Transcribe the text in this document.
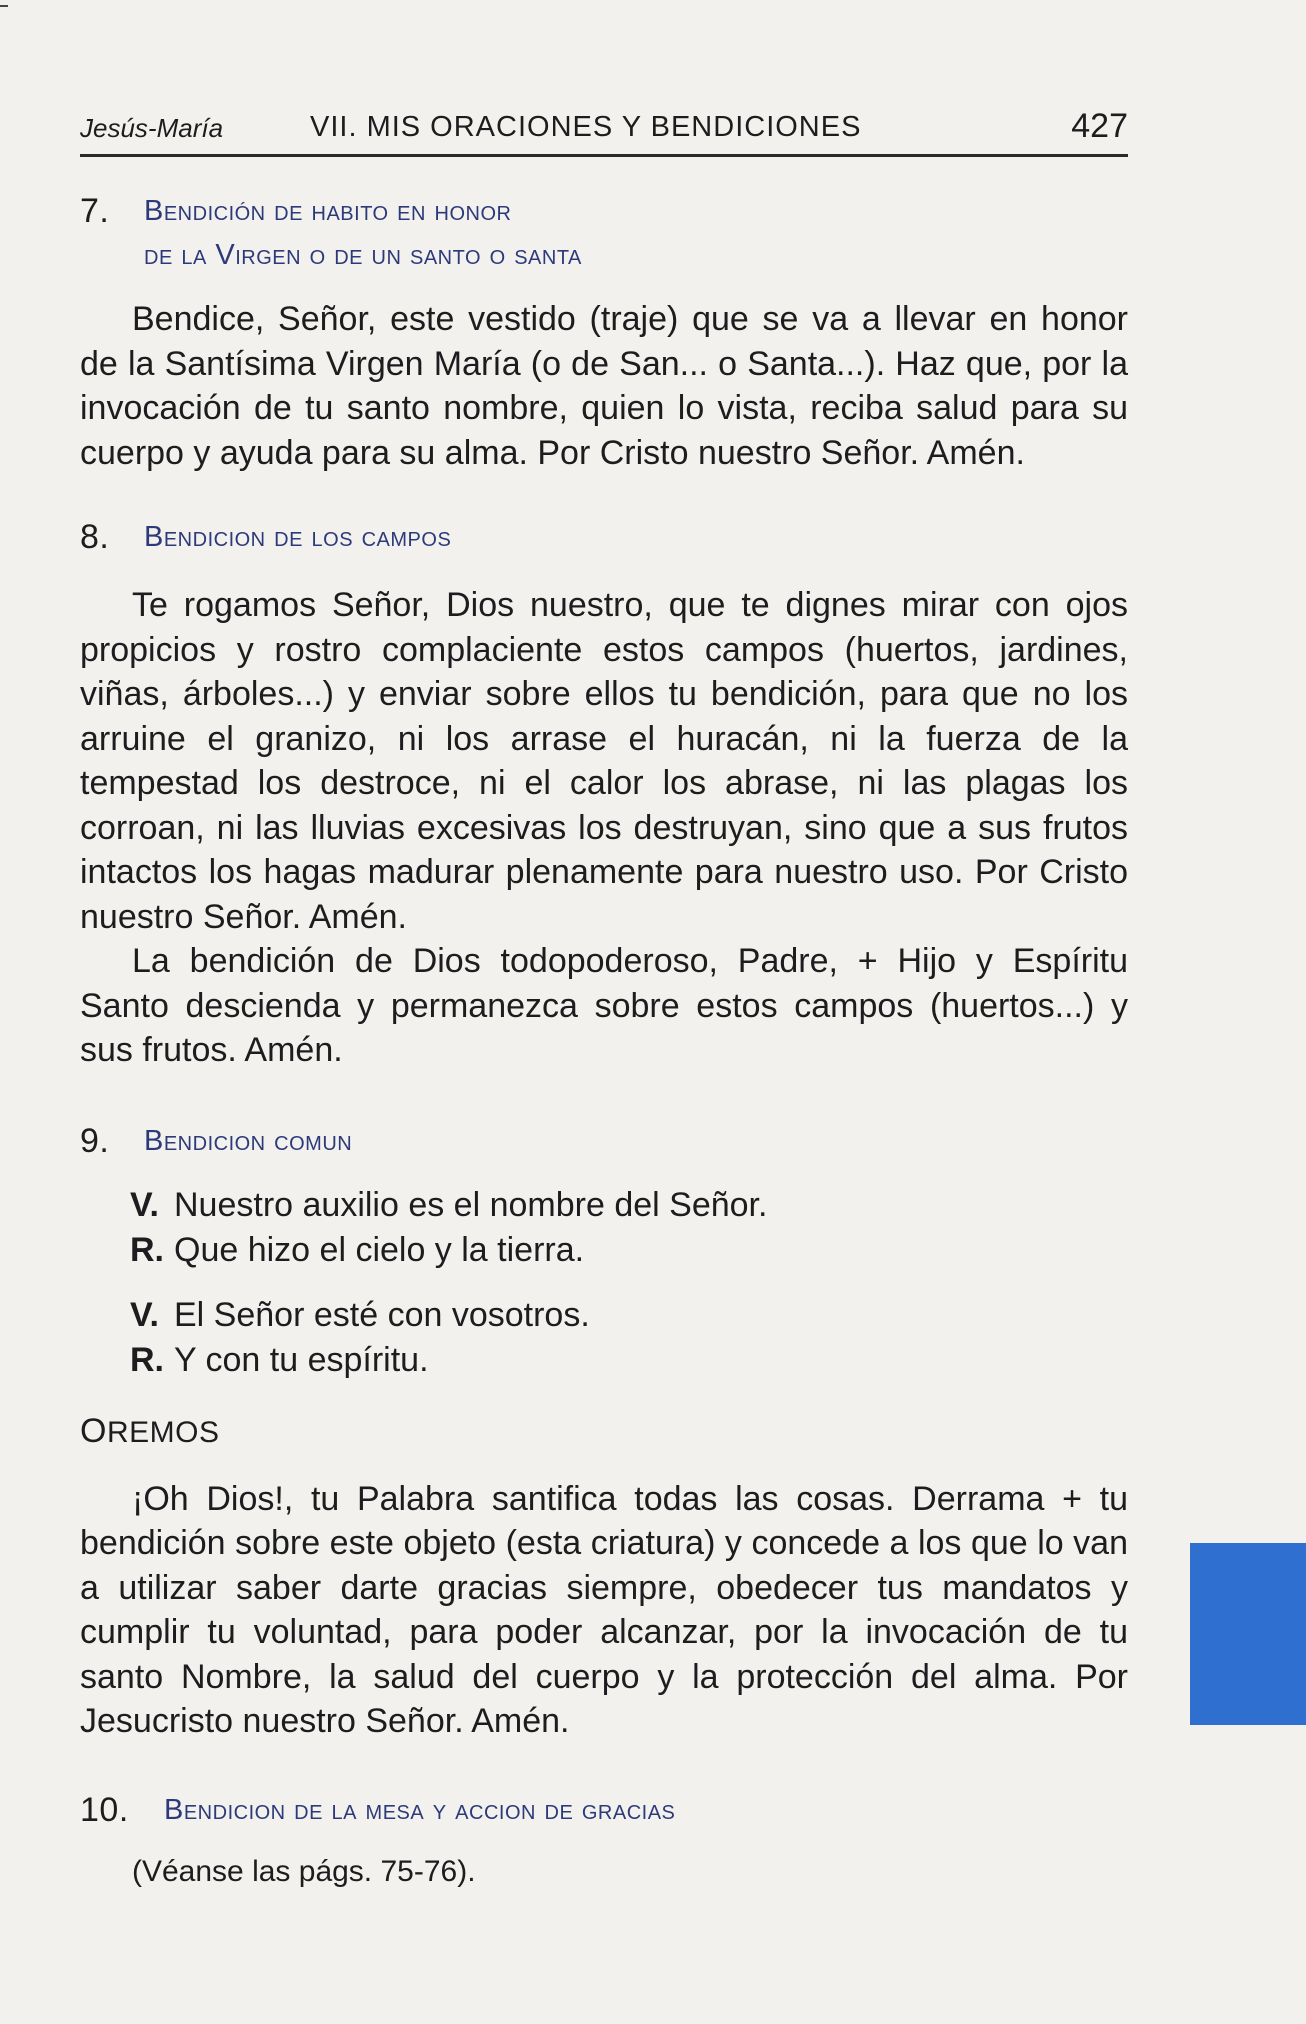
Jesús-María	VII. MIS ORACIONES Y BENDICIONES	427
7. Bendición de habito en honor
de la Virgen o de un santo o santa

Bendice, Señor, este vestido (traje) que se va a llevar en honor de la Santísima Virgen María (o de San... o Santa...). Haz que, por la invocación de tu santo nombre, quien lo vista, reciba salud para su cuerpo y ayuda para su alma. Por Cristo nuestro Señor. Amén.

8. Bendicion de los campos

Te rogamos Señor, Dios nuestro, que te dignes mirar con ojos propicios y rostro complaciente estos campos (huertos, jardines, viñas, árboles...) y enviar sobre ellos tu bendición, para que no los arruine el granizo, ni los arrase el huracán, ni la fuerza de la tempestad los destroce, ni el calor los abrase, ni las plagas los corroan, ni las lluvias excesivas los destruyan, sino que a sus frutos intactos los hagas madurar plenamente para nuestro uso. Por Cristo nuestro Señor. Amén.

La bendición de Dios todopoderoso, Padre, + Hijo y Espíritu Santo descienda y permanezca sobre estos campos (huertos...) y sus frutos. Amén.

9. Bendicion comun
V. Nuestro auxilio es el nombre del Señor.
R. Que hizo el cielo y la tierra.
V. El Señor esté con vosotros.
R. Y con tu espíritu.
OREMOS

¡Oh Dios!, tu Palabra santifica todas las cosas. Derrama + tu bendición sobre este objeto (esta criatura) y concede a los que lo van a utilizar saber darte gracias siempre, obedecer tus mandatos y cumplir tu voluntad, para poder alcanzar, por la invocación de tu santo Nombre, la salud del cuerpo y la protección del alma. Por Jesucristo nuestro Señor. Amén.

10. Bendicion de la mesa y accion de gracias
(Véanse las págs. 75-76).
